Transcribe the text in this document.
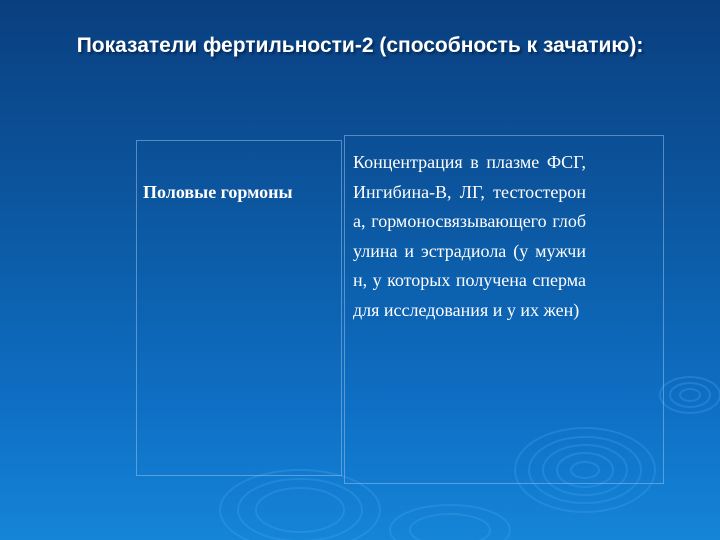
Показатели фертильности-2 (способность к зачатию):
Половые гормоны
Концентрация в плазме ФСГ, Ингибина-В, ЛГ, тестостерона, гормоносвязывающего глобулина и эстрадиола (у мужчин, у которых получена сперма для исследования и у их жен)
